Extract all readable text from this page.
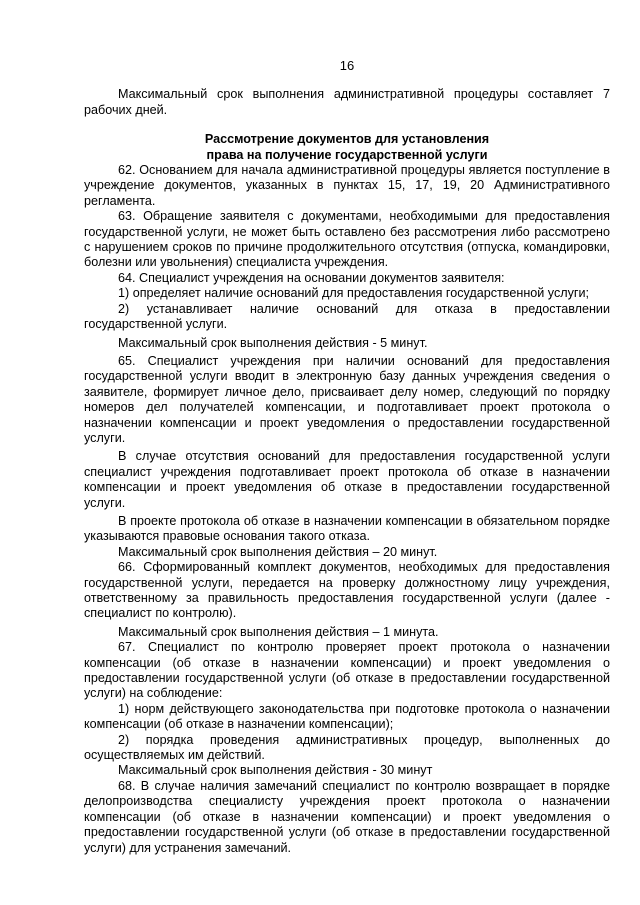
16

Максимальный срок выполнения административной процедуры составляет 7 рабочих дней.

Рассмотрение документов для установления
права на получение государственной услуги

62. Основанием для начала административной процедуры является поступление в учреждение документов, указанных в пунктах 15, 17, 19, 20 Административного регламента.

63. Обращение заявителя с документами, необходимыми для предоставления государственной услуги, не может быть оставлено без рассмотрения либо рассмотрено с нарушением сроков по причине продолжительного отсутствия (отпуска, командировки, болезни или увольнения) специалиста учреждения.

64. Специалист учреждения на основании документов заявителя:

1) определяет наличие оснований для предоставления государственной услуги;

2) устанавливает наличие оснований для отказа в предоставлении государственной услуги.

Максимальный срок выполнения действия - 5 минут.

65. Специалист учреждения при наличии оснований для предоставления государственной услуги вводит в электронную базу данных учреждения сведения о заявителе, формирует личное дело, присваивает делу номер, следующий по порядку номеров дел получателей компенсации, и подготавливает проект протокола о назначении компенсации и проект уведомления о предоставлении государственной услуги.

В случае отсутствия оснований для предоставления государственной услуги специалист учреждения подготавливает проект протокола об отказе в назначении компенсации и проект уведомления об отказе в предоставлении государственной услуги.

В проекте протокола об отказе в назначении компенсации в обязательном порядке указываются правовые основания такого отказа.

Максимальный срок выполнения действия – 20 минут.

66. Сформированный комплект документов, необходимых для предоставления государственной услуги, передается на проверку должностному лицу учреждения, ответственному за правильность предоставления государственной услуги (далее - специалист по контролю).

Максимальный срок выполнения действия – 1 минута.

67. Специалист по контролю проверяет проект протокола о назначении компенсации (об отказе в назначении компенсации) и проект уведомления о предоставлении государственной услуги (об отказе в предоставлении государственной услуги) на соблюдение:

1) норм действующего законодательства при подготовке протокола о назначении компенсации (об отказе в назначении компенсации);

2) порядка проведения административных процедур, выполненных до осуществляемых им действий.

Максимальный срок выполнения действия - 30 минут

68. В случае наличия замечаний специалист по контролю возвращает в порядке делопроизводства специалисту учреждения проект протокола о назначении компенсации (об отказе в назначении компенсации) и проект уведомления о предоставлении государственной услуги (об отказе в предоставлении государственной услуги) для устранения замечаний.
